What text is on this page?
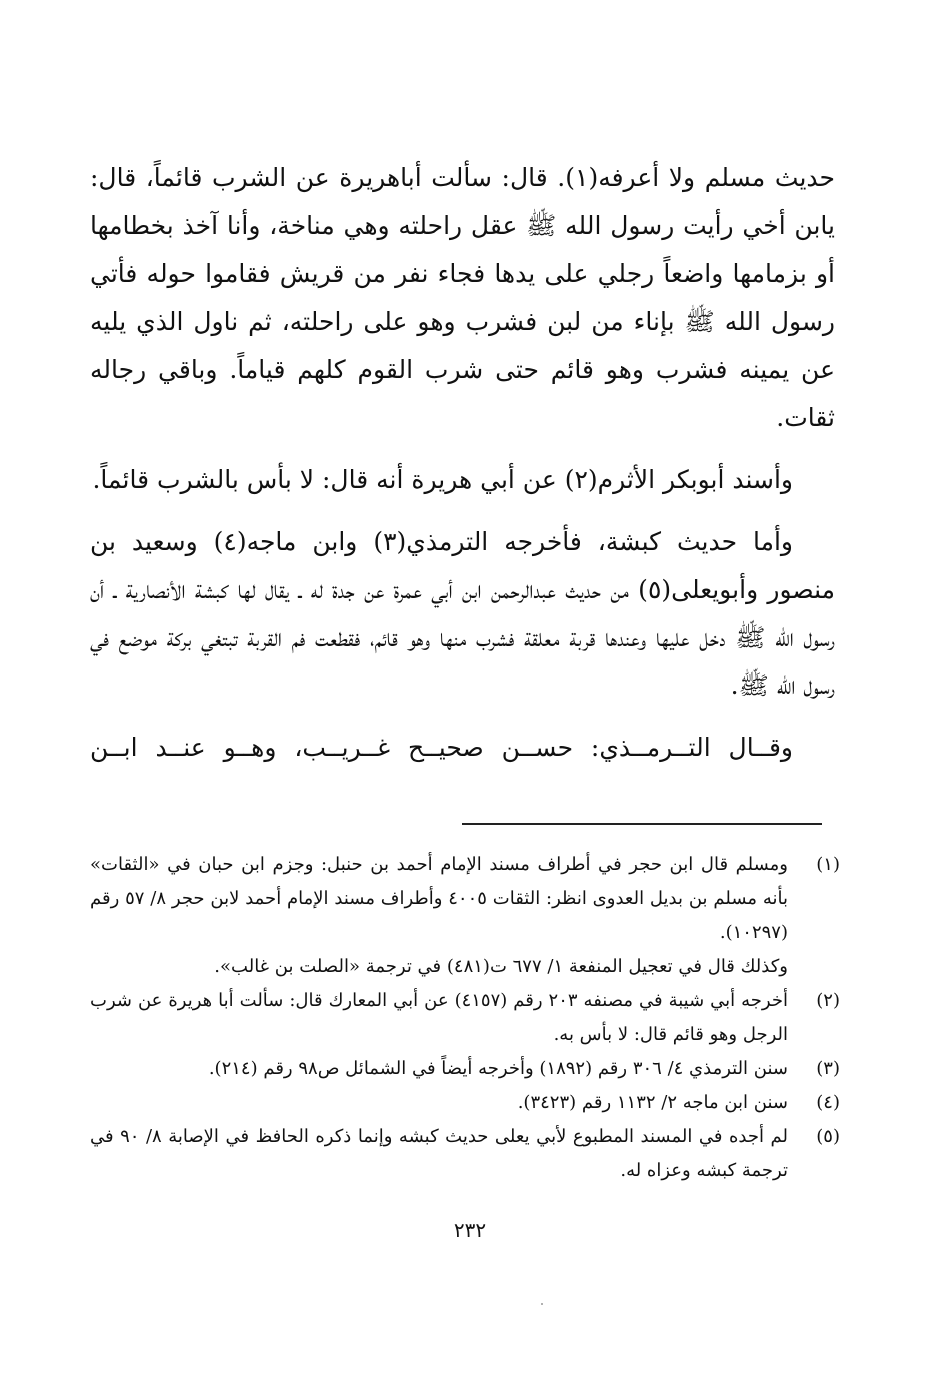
حديث مسلم ولا أعرفه(١). قال: سألت أباهريرة عن الشرب قائماً، قال: يابن أخي رأيت رسول الله ﷺ عقل راحلته وهي مناخة، وأنا آخذ بخطامها أو بزمامها واضعاً رجلي على يدها فجاء نفر من قريش فقاموا حوله فأتي رسول الله ﷺ بإناء من لبن فشرب وهو على راحلته، ثم ناول الذي يليه عن يمينه فشرب وهو قائم حتى شرب القوم كلهم قياماً. وباقي رجاله ثقات.

وأسند أبوبكر الأثرم(٢) عن أبي هريرة أنه قال: لا بأس بالشرب قائماً.

وأما حديث كبشة، فأخرجه الترمذي(٣) وابن ماجه(٤) وسعيد بن منصور وأبويعلى(٥) من حديث عبدالرحمن ابن أبي عمرة عن جدة له ـ يقال لها كبشة الأنصارية ـ أن رسول الله ﷺ دخل عليها وعندها قربة معلقة فشرب منها وهو قائم، فقطعت فم القربة تبتغي بركة موضع في رسول الله ﷺ.

وقــال التــرمــذي: حســن صحيــح غــريــب، وهــو عنــد ابــن

(١)
ومسلم قال ابن حجر في أطراف مسند الإمام أحمد بن حنبل: وجزم ابن حبان في «الثقات» بأنه مسلم بن بديل العدوى انظر: الثقات ٤٠٠٥ وأطراف مسند الإمام أحمد لابن حجر ٨/ ٥٧ رقم (١٠٢٩٧).
وكذلك قال في تعجيل المنفعة ١/ ٦٧٧ ت(٤٨١) في ترجمة «الصلت بن غالب».
(٢)
أخرجه أبي شيبة في مصنفه ٢٠٣ رقم (٤١٥٧) عن أبي المعارك قال: سألت أبا هريرة عن شرب الرجل وهو قائم قال: لا بأس به.
(٣)
سنن الترمذي ٤/ ٣٠٦ رقم (١٨٩٢) وأخرجه أيضاً في الشمائل ص٩٨ رقم (٢١٤).
(٤)
سنن ابن ماجه ٢/ ١١٣٢ رقم (٣٤٢٣).
(٥)
لم أجده في المسند المطبوع لأبي يعلى حديث كبشه وإنما ذكره الحافظ في الإصابة ٨/ ٩٠ في ترجمة كبشه وعزاه له.
٢٣٢
